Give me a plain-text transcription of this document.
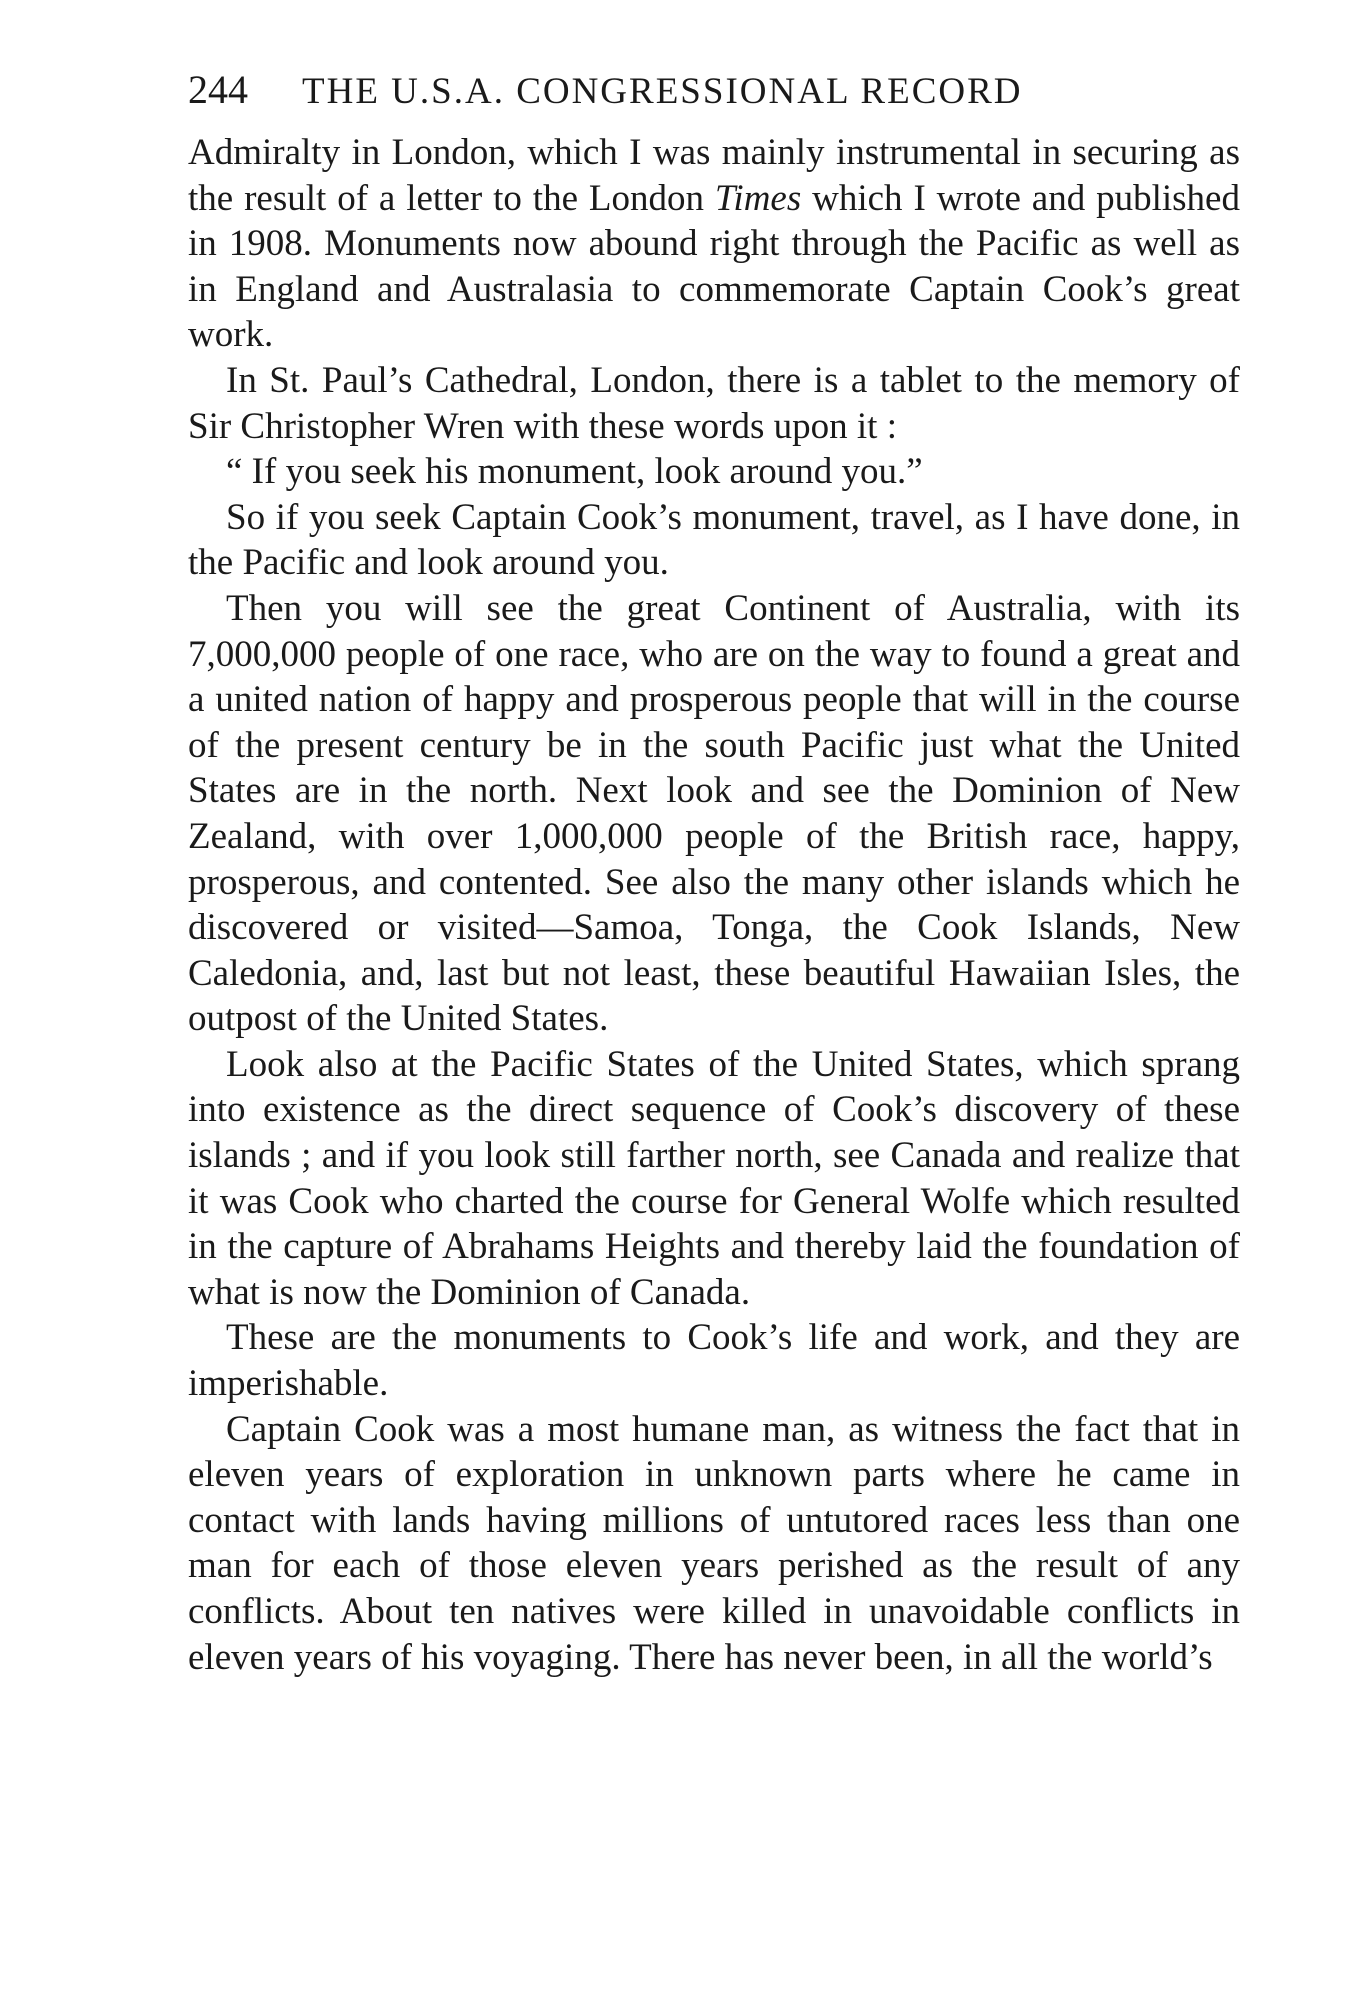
244 THE U.S.A. CONGRESSIONAL RECORD

Admiralty in London, which I was mainly instrumental in securing as the result of a letter to the London Times which I wrote and published in 1908. Monuments now abound right through the Pacific as well as in England and Australasia to commemorate Captain Cook’s great work.

In St. Paul’s Cathedral, London, there is a tablet to the memory of Sir Christopher Wren with these words upon it :

“ If you seek his monument, look around you.”

So if you seek Captain Cook’s monument, travel, as I have done, in the Pacific and look around you.

Then you will see the great Continent of Australia, with its 7,000,000 people of one race, who are on the way to found a great and a united nation of happy and prosperous people that will in the course of the present century be in the south Pacific just what the United States are in the north. Next look and see the Dominion of New Zealand, with over 1,000,000 people of the British race, happy, prosperous, and contented. See also the many other islands which he discovered or visited—Samoa, Tonga, the Cook Islands, New Caledonia, and, last but not least, these beautiful Hawaiian Isles, the outpost of the United States.

Look also at the Pacific States of the United States, which sprang into existence as the direct sequence of Cook’s discovery of these islands ; and if you look still farther north, see Canada and realize that it was Cook who charted the course for General Wolfe which resulted in the capture of Abrahams Heights and thereby laid the foundation of what is now the Dominion of Canada.

These are the monuments to Cook’s life and work, and they are imperishable.

Captain Cook was a most humane man, as witness the fact that in eleven years of exploration in unknown parts where he came in contact with lands having millions of untutored races less than one man for each of those eleven years perished as the result of any conflicts. About ten natives were killed in unavoidable conflicts in eleven years of his voyaging. There has never been, in all the world’s
